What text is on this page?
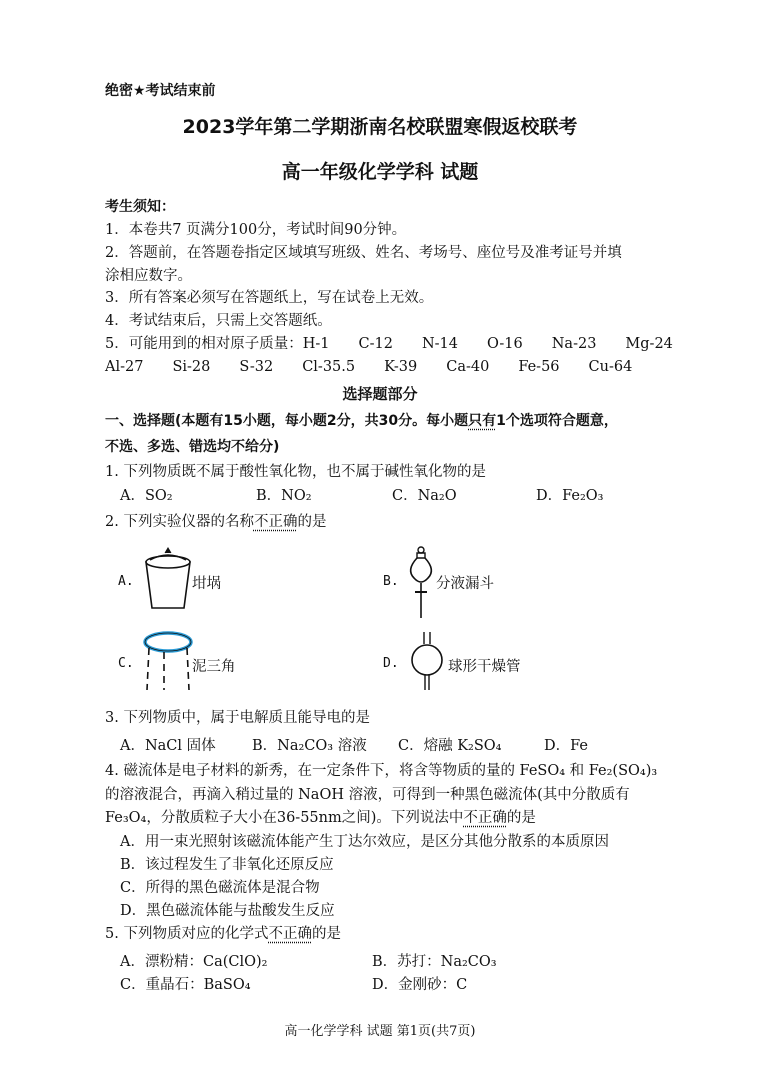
绝密★考试结束前
2023学年第二学期浙南名校联盟寒假返校联考
高一年级化学学科 试题
考生须知：
1．本卷共7 页满分100分，考试时间90分钟。
2．答题前，在答题卷指定区域填写班级、姓名、考场号、座位号及准考证号并填
涂相应数字。
3．所有答案必须写在答题纸上，写在试卷上无效。
4．考试结束后，只需上交答题纸。
5．可能用到的相对原子质量：H-1　　C-12　　N-14　　O-16　　Na-23　　Mg-24
Al-27　　Si-28　　S-32　　Cl-35.5　　K-39　　Ca-40　　Fe-56　　Cu-64
选择题部分
一、选择题(本题有15小题，每小题2分，共30分。每小题只有1个选项符合题意，
不选、多选、错选均不给分)
1. 下列物质既不属于酸性氧化物，也不属于碱性氧化物的是
A．SO₂	B．NO₂	C．Na₂O	D．Fe₂O₃
2. 下列实验仪器的名称不正确的是
A.	坩埚	B.	分液漏斗
C.	泥三角	D.	球形干燥管
3. 下列物质中，属于电解质且能导电的是
A．NaCl 固体	B．Na₂CO₃ 溶液 C．熔融 K₂SO₄	D．Fe
4. 磁流体是电子材料的新秀，在一定条件下，将含等物质的量的 FeSO₄ 和 Fe₂(SO₄)₃
的溶液混合，再滴入稍过量的 NaOH 溶液，可得到一种黑色磁流体(其中分散质有
Fe₃O₄，分散质粒子大小在36-55nm之间)。下列说法中不正确的是
A．用一束光照射该磁流体能产生丁达尔效应，是区分其他分散系的本质原因
B．该过程发生了非氧化还原反应
C．所得的黑色磁流体是混合物
D．黑色磁流体能与盐酸发生反应
5. 下列物质对应的化学式不正确的是
A．漂粉精：Ca(ClO)₂	B．苏打：Na₂CO₃
C．重晶石：BaSO₄	D．金刚砂：C
高一化学学科 试题 第1页(共7页)
